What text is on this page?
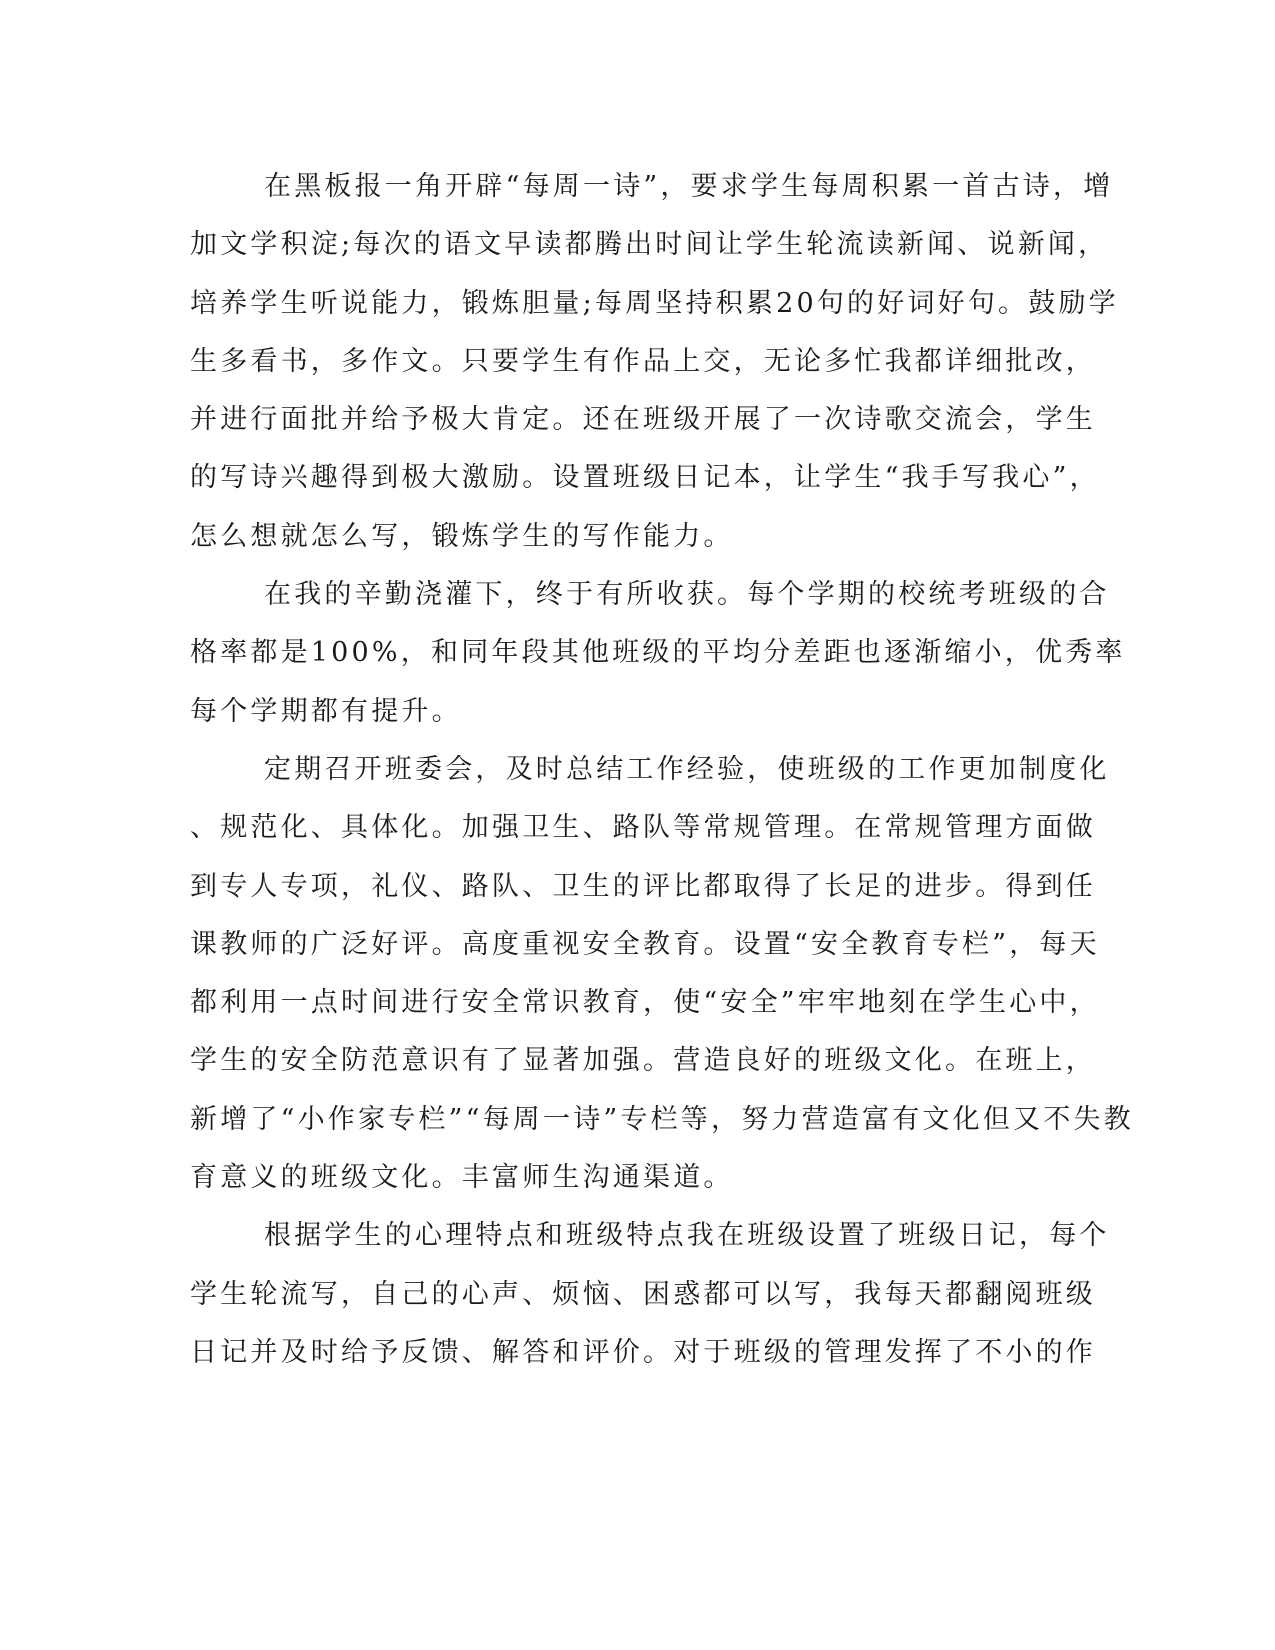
在黑板报一角开辟“每周一诗”，要求学生每周积累一首古诗，增
加文学积淀;每次的语文早读都腾出时间让学生轮流读新闻、说新闻，
培养学生听说能力，锻炼胆量;每周坚持积累20句的好词好句。鼓励学
生多看书，多作文。只要学生有作品上交，无论多忙我都详细批改，
并进行面批并给予极大肯定。还在班级开展了一次诗歌交流会，学生
的写诗兴趣得到极大激励。设置班级日记本，让学生“我手写我心”，
怎么想就怎么写，锻炼学生的写作能力。
在我的辛勤浇灌下，终于有所收获。每个学期的校统考班级的合
格率都是100%，和同年段其他班级的平均分差距也逐渐缩小，优秀率
每个学期都有提升。
定期召开班委会，及时总结工作经验，使班级的工作更加制度化
、规范化、具体化。加强卫生、路队等常规管理。在常规管理方面做
到专人专项，礼仪、路队、卫生的评比都取得了长足的进步。得到任
课教师的广泛好评。高度重视安全教育。设置“安全教育专栏”，每天
都利用一点时间进行安全常识教育，使“安全”牢牢地刻在学生心中，
学生的安全防范意识有了显著加强。营造良好的班级文化。在班上，
新增了“小作家专栏”“每周一诗”专栏等，努力营造富有文化但又不失教
育意义的班级文化。丰富师生沟通渠道。
根据学生的心理特点和班级特点我在班级设置了班级日记，每个
学生轮流写，自己的心声、烦恼、困惑都可以写，我每天都翻阅班级
日记并及时给予反馈、解答和评价。对于班级的管理发挥了不小的作
